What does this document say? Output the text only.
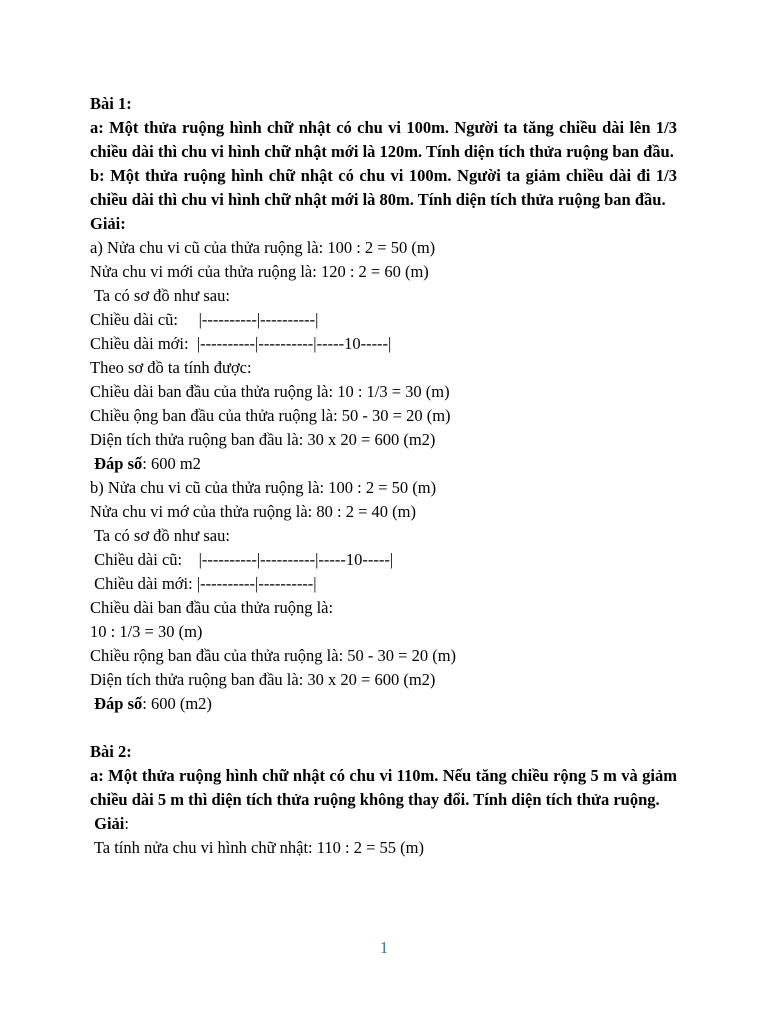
Bài 1:
a: Một thửa ruộng hình chữ nhật có chu vi 100m. Người ta tăng chiều dài lên 1/3 chiều dài thì chu vi hình chữ nhật mới là 120m. Tính diện tích thửa ruộng ban đầu.
b: Một thửa ruộng hình chữ nhật có chu vi 100m. Người ta giảm chiều dài đi 1/3 chiều dài thì chu vi hình chữ nhật mới là 80m. Tính diện tích thửa ruộng ban đầu.
Giải:
a) Nửa chu vi cũ của thửa ruộng là: 100 : 2 = 50 (m)
Nửa chu vi mới của thửa ruộng là: 120 : 2 = 60 (m)
Ta có sơ đồ như sau:
Chiều dài cũ:     |----------|----------|
Chiều dài mới:  |----------|----------|-----10-----|
Theo sơ đồ ta tính được:
Chiều dài ban đầu của thửa ruộng là: 10 : 1/3 = 30 (m)
Chiều ộng ban đầu của thửa ruộng là: 50 - 30 = 20 (m)
Diện tích thửa ruộng ban đầu là: 30 x 20 = 600 (m2)
Đáp số: 600 m2
b) Nửa chu vi cũ của thửa ruộng là: 100 : 2 = 50 (m)
Nửa chu vi mớ của thửa ruộng là: 80 : 2 = 40 (m)
Ta có sơ đồ như sau:
Chiều dài cũ:    |----------|----------|-----10-----|
Chiều dài mới: |----------|----------|
Chiều dài ban đầu của thửa ruộng là:
10 : 1/3 = 30 (m)
Chiều rộng ban đầu của thửa ruộng là: 50 - 30 = 20 (m)
Diện tích thửa ruộng ban đầu là: 30 x 20 = 600 (m2)
Đáp số: 600 (m2)
Bài 2:
a: Một thửa ruộng hình chữ nhật có chu vi 110m. Nếu tăng chiều rộng 5 m và giảm chiều dài 5 m thì diện tích thửa ruộng không thay đổi. Tính diện tích thửa ruộng.
Giải:
Ta tính nửa chu vi hình chữ nhật: 110 : 2 = 55 (m)
1
